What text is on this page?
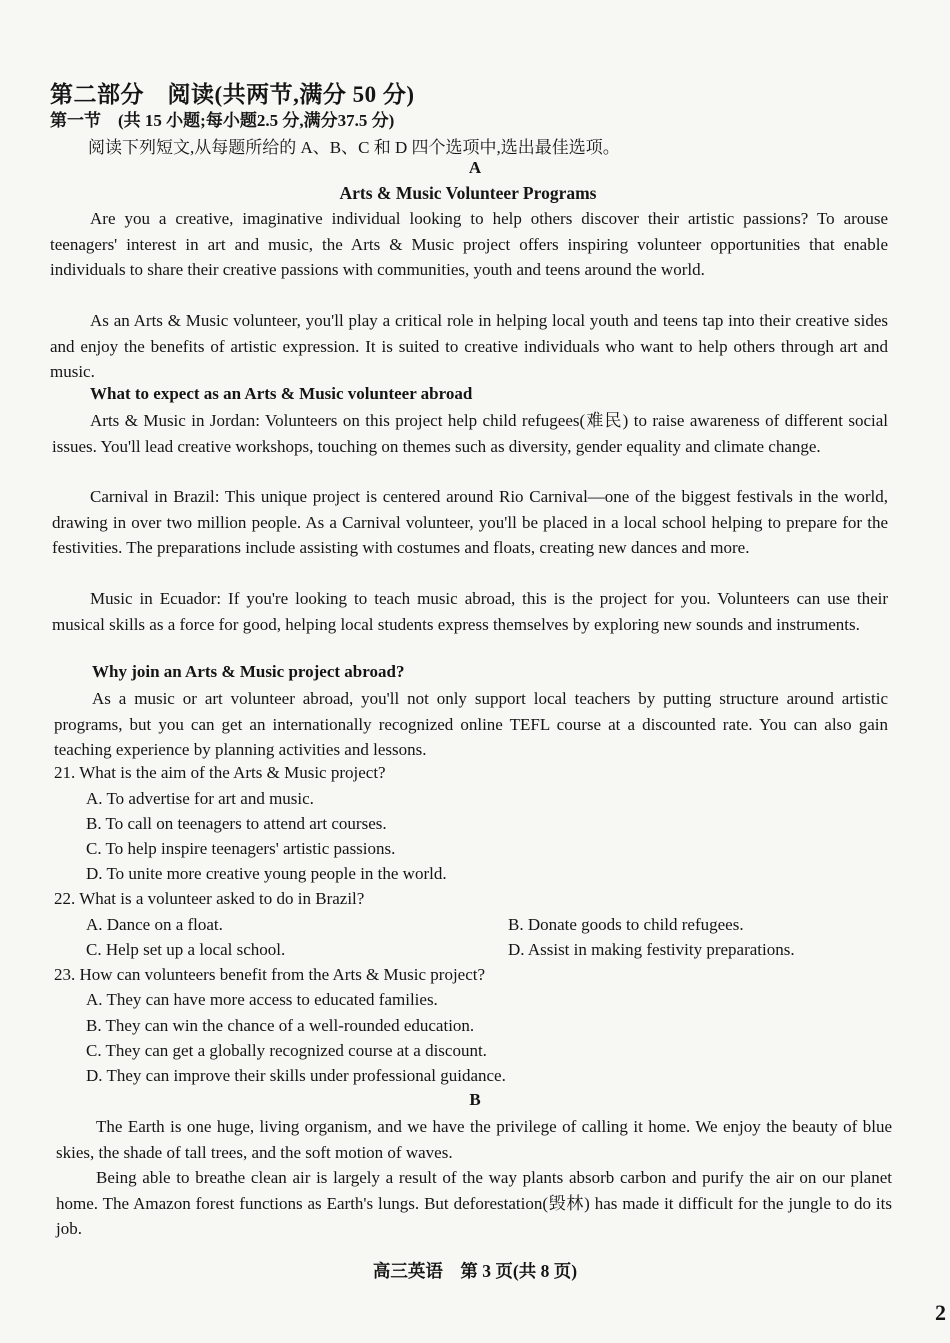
第二部分　阅读(共两节,满分 50 分)
第一节　(共 15 小题;每小题2.5 分,满分37.5 分)
阅读下列短文,从每题所给的 A、B、C 和 D 四个选项中,选出最佳选项。
A
Arts & Music Volunteer Programs
Are you a creative, imaginative individual looking to help others discover their artistic passions? To arouse teenagers' interest in art and music, the Arts & Music project offers inspiring volunteer opportunities that enable individuals to share their creative passions with communities, youth and teens around the world.
As an Arts & Music volunteer, you'll play a critical role in helping local youth and teens tap into their creative sides and enjoy the benefits of artistic expression. It is suited to creative individuals who want to help others through art and music.
What to expect as an Arts & Music volunteer abroad
Arts & Music in Jordan: Volunteers on this project help child refugees(难民) to raise awareness of different social issues. You'll lead creative workshops, touching on themes such as diversity, gender equality and climate change.
Carnival in Brazil: This unique project is centered around Rio Carnival—one of the biggest festivals in the world, drawing in over two million people. As a Carnival volunteer, you'll be placed in a local school helping to prepare for the festivities. The preparations include assisting with costumes and floats, creating new dances and more.
Music in Ecuador: If you're looking to teach music abroad, this is the project for you. Volunteers can use their musical skills as a force for good, helping local students express themselves by exploring new sounds and instruments.
Why join an Arts & Music project abroad?
As a music or art volunteer abroad, you'll not only support local teachers by putting structure around artistic programs, but you can get an internationally recognized online TEFL course at a discounted rate. You can also gain teaching experience by planning activities and lessons.
21. What is the aim of the Arts & Music project?
A. To advertise for art and music.
B. To call on teenagers to attend art courses.
C. To help inspire teenagers' artistic passions.
D. To unite more creative young people in the world.
22. What is a volunteer asked to do in Brazil?
A. Dance on a float.	B. Donate goods to child refugees.
C. Help set up a local school.	D. Assist in making festivity preparations.
23. How can volunteers benefit from the Arts & Music project?
A. They can have more access to educated families.
B. They can win the chance of a well-rounded education.
C. They can get a globally recognized course at a discount.
D. They can improve their skills under professional guidance.
B
The Earth is one huge, living organism, and we have the privilege of calling it home. We enjoy the beauty of blue skies, the shade of tall trees, and the soft motion of waves.
Being able to breathe clean air is largely a result of the way plants absorb carbon and purify the air on our planet home. The Amazon forest functions as Earth's lungs. But deforestation(毁林) has made it difficult for the jungle to do its job.
高三英语　第 3 页(共 8 页)
2
